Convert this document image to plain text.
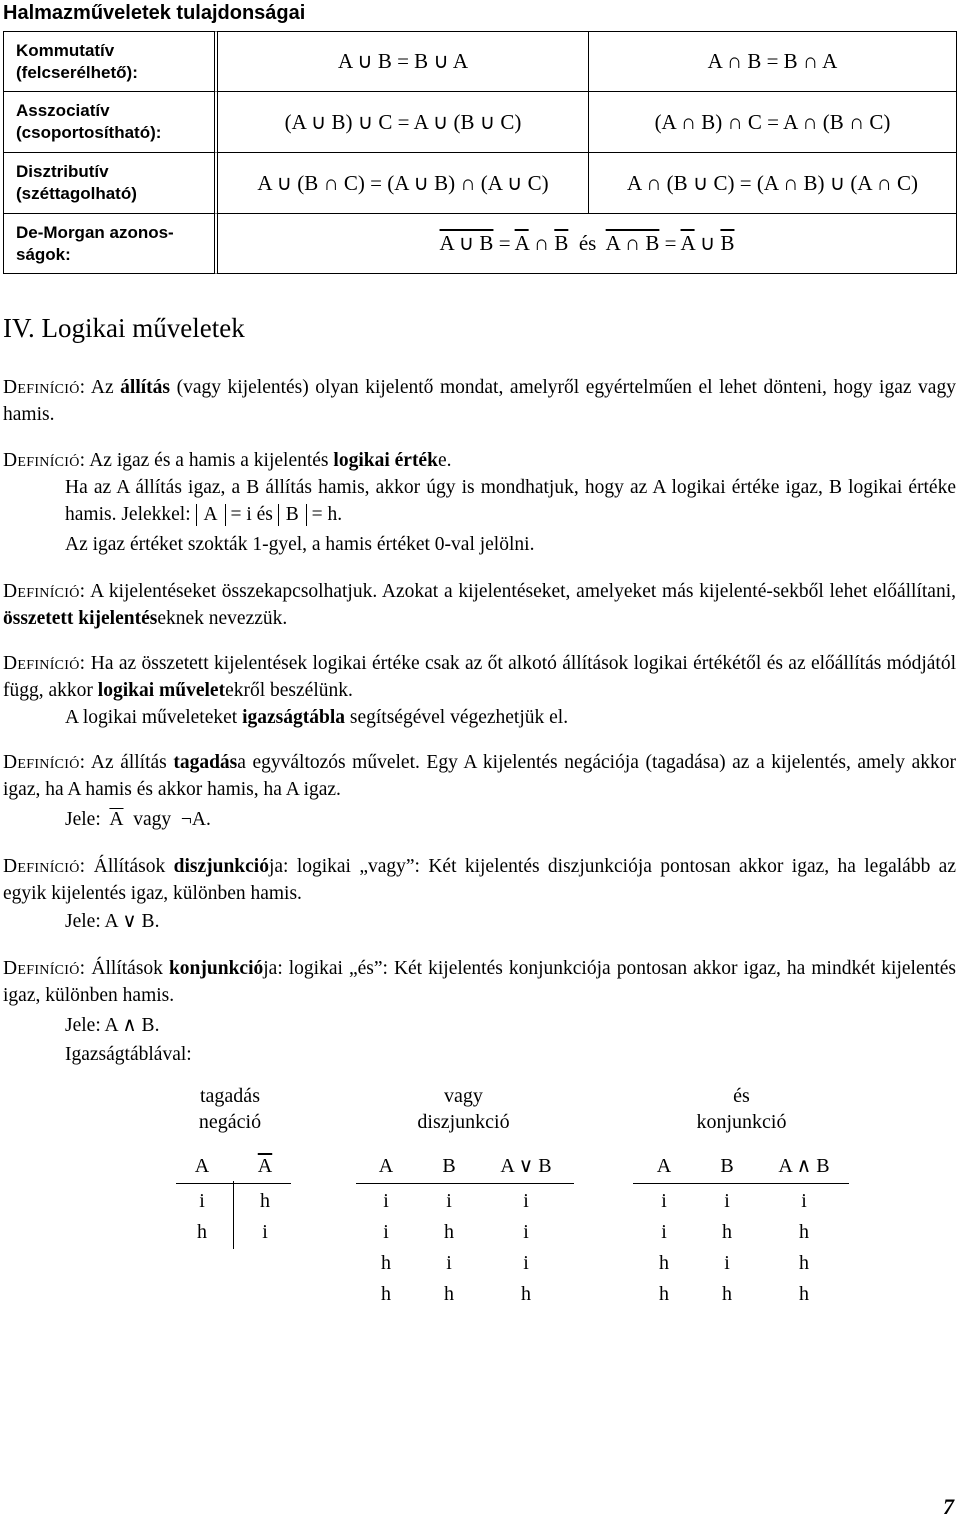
Halmazműveletek tulajdonságai
Kommutatív (felcserélhető):	A ∪ B = B ∪ A	A ∩ B = B ∩ A
Asszociatív (csoportosítható):	(A ∪ B) ∪ C = A ∪ (B ∪ C)	(A ∩ B) ∩ C = A ∩ (B ∩ C)
Disztributív (széttagolható)	A ∪ (B ∩ C) = (A ∪ B) ∩ (A ∪ C)	A ∩ (B ∪ C) = (A ∩ B) ∪ (A ∩ C)
De-Morgan azonos-ságok:	A ∪ $B = \overline{A}$ ∩ $\overline{B}$ és A ∩ $B = \overline{A}$ ∪ $\overline{B}$
IV. Logikai műveletek
Definíció: Az állítás (vagy kijelentés) olyan kijelentő mondat, amelyről egyértelműen el lehet dönteni, hogy igaz vagy hamis.
Definíció: Az igaz és a hamis a kijelentés logikai értéke.
Ha az A állítás igaz, a B állítás hamis, akkor úgy is mondhatjuk, hogy az A logikai értéke igaz, B logikai értéke hamis. Jelekkel: A = i és B = h.
Az igaz értéket szokták 1-gyel, a hamis értéket 0-val jelölni.
Definíció: A kijelentéseket összekapcsolhatjuk. Azokat a kijelentéseket, amelyeket más kijelenté-sekből lehet előállítani, összetett kijelentéseknek nevezzük.
Definíció: Ha az összetett kijelentések logikai értéke csak az őt alkotó állítások logikai értékétől és az előállítás módjától függ, akkor logikai műveletekről beszélünk.
A logikai műveleteket igazságtábla segítségével végezhetjük el.
Definíció: Az állítás tagadása egyváltozós művelet. Egy A kijelentés negációja (tagadása) az a kijelentés, amely akkor igaz, ha A hamis és akkor hamis, ha A igaz.
Jele: $\overline{A}$ vagy ¬A.
Definíció: Állítások diszjunkciója: logikai „vagy”: Két kijelentés diszjunkciója pontosan akkor igaz, ha legalább az egyik kijelentés igaz, különben hamis.
Jele: A ∨ B.
Definíció: Állítások konjunkciója: logikai „és”: Két kijelentés konjunkciója pontosan akkor igaz, ha mindkét kijelentés igaz, különben hamis.
Jele: A ∧ B.
Igazságtáblával:
tagadás
negáció
A	$\overline{A}$
i	h
h	i
vagy
diszjunkció
A	B	A ∨ B
i	i	i
i	h	i
h	i	i
h	h	h
és
konjunkció
A	B	A ∧ B
i	i	i
i	h	h
h	i	h
h	h	h
7
